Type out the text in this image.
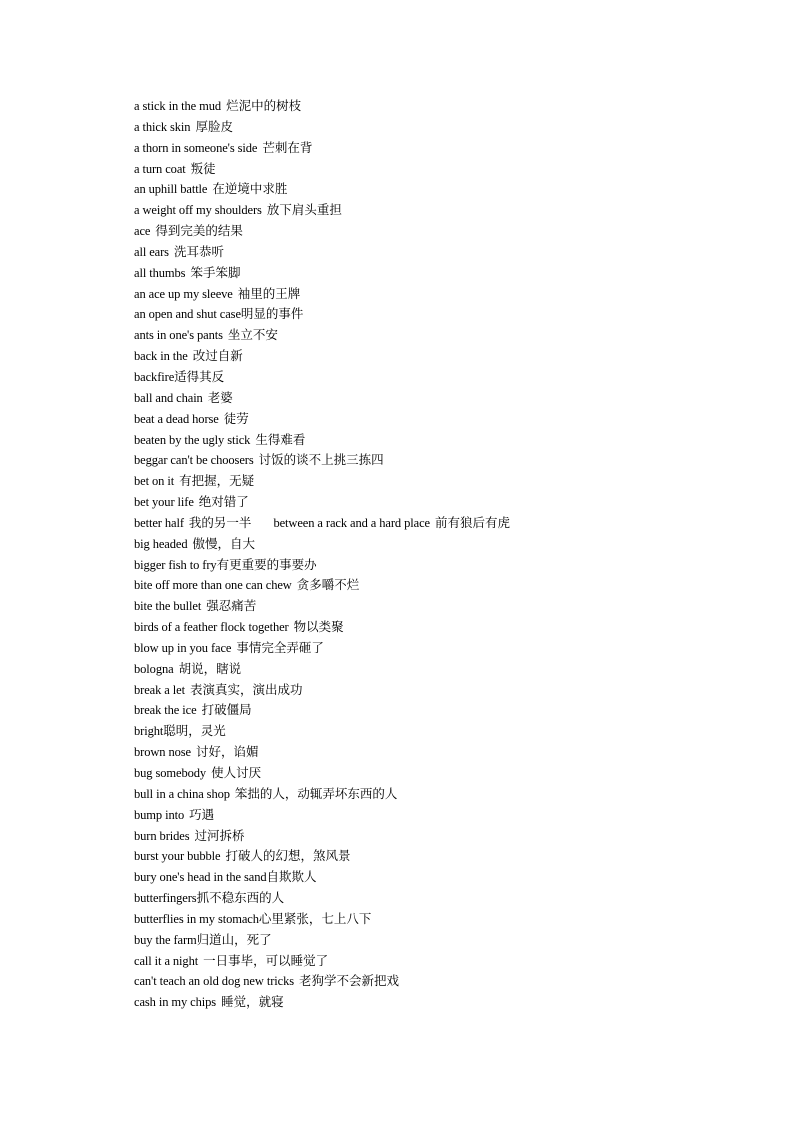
a stick in the mud 烂泥中的树枝
a thick skin 厚脸皮
a thorn in someone's side 芒刺在背
a turn coat 叛徒
an uphill battle 在逆境中求胜
a weight off my shoulders 放下肩头重担
ace 得到完美的结果
all ears 洗耳恭听
all thumbs 笨手笨脚
an ace up my sleeve 袖里的王牌
an open and shut case明显的事件
ants in one's pants 坐立不安
back in the 改过自新
backfire适得其反
ball and chain 老婆
beat a dead horse 徒劳
beaten by the ugly stick 生得难看
beggar can't be choosers 讨饭的谈不上挑三拣四
bet on it 有把握，无疑
bet your life 绝对错了
better half 我的另一半 between a rack and a hard place 前有狼后有虎
big headed 傲慢，自大
bigger fish to fry有更重要的事要办
bite off more than one can chew 贪多嚼不烂
bite the bullet 强忍痛苦
birds of a feather flock together 物以类聚
blow up in you face 事情完全弄砸了
bologna 胡说，瞎说
break a let 表演真实，演出成功
break the ice 打破僵局
bright聪明，灵光
brown nose 讨好，谄媚
bug somebody 使人讨厌
bull in a china shop 笨拙的人，动辄弄坏东西的人
bump into 巧遇
burn brides 过河拆桥
burst your bubble 打破人的幻想，煞风景
bury one's head in the sand自欺欺人
butterfingers抓不稳东西的人
butterflies in my stomach心里紧张，七上八下
buy the farm归道山，死了
call it a night 一日事毕，可以睡觉了
can't teach an old dog new tricks 老狗学不会新把戏
cash in my chips 睡觉，就寝
